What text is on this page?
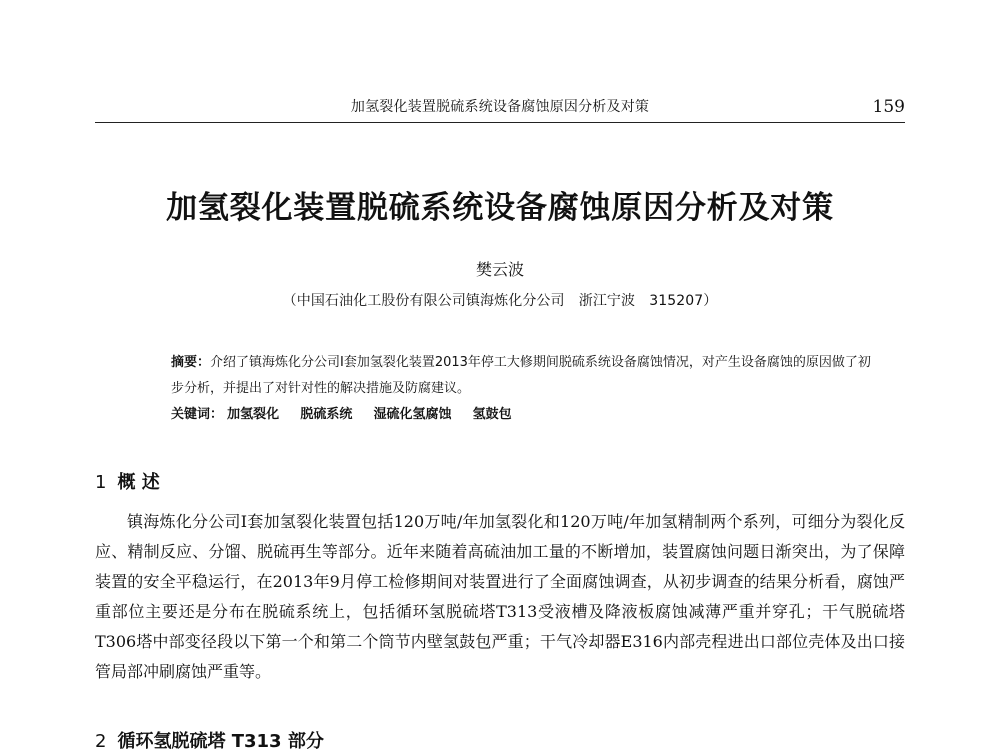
加氢裂化装置脱硫系统设备腐蚀原因分析及对策	159
加氢裂化装置脱硫系统设备腐蚀原因分析及对策
樊云波
（中国石油化工股份有限公司镇海炼化分公司　浙江宁波　315207）

摘要：介绍了镇海炼化分公司Ⅰ套加氢裂化装置2013年停工大修期间脱硫系统设备腐蚀情况，对产生设备腐蚀的原因做了初步分析，并提出了对针对性的解决措施及防腐建议。

关键词： 加氢裂化 脱硫系统 湿硫化氢腐蚀 氢鼓包
1 概 述

镇海炼化分公司Ⅰ套加氢裂化装置包括120万吨/年加氢裂化和120万吨/年加氢精制两个系列，可细分为裂化反应、精制反应、分馏、脱硫再生等部分。近年来随着高硫油加工量的不断增加，装置腐蚀问题日渐突出，为了保障装置的安全平稳运行，在2013年9月停工检修期间对装置进行了全面腐蚀调查，从初步调查的结果分析看，腐蚀严重部位主要还是分布在脱硫系统上，包括循环氢脱硫塔T313受液槽及降液板腐蚀减薄严重并穿孔；干气脱硫塔T306塔中部变径段以下第一个和第二个筒节内壁氢鼓包严重；干气冷却器E316内部壳程进出口部位壳体及出口接管局部冲刷腐蚀严重等。

2 循环氢脱硫塔 T313 部分
